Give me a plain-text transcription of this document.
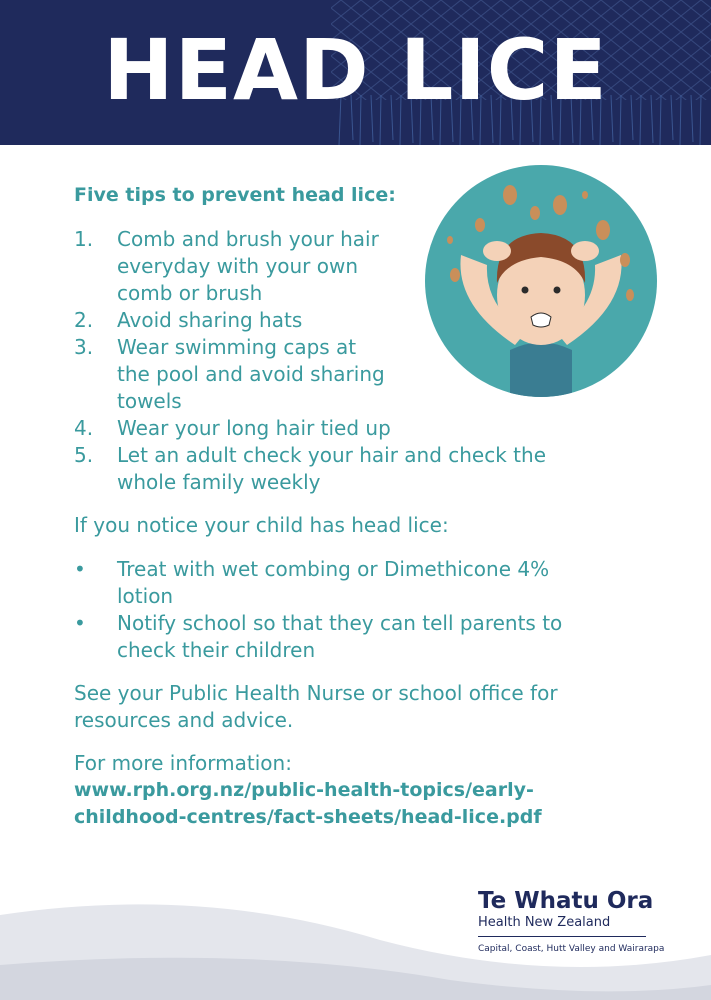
HEAD LICE
Five tips to prevent head lice:
1.	Comb and brush your hair
everyday with your own
comb or brush
2.	Avoid sharing hats
3.	Wear swimming caps at
the pool and avoid sharing
towels
4.	Wear your long hair tied up
5.	Let an adult check your hair and check the
whole family weekly
If you notice your child has head lice:
•	Treat with wet combing or Dimethicone 4%
lotion
•	Notify school so that they can tell parents to
check their children
See your Public Health Nurse or school office for
resources and advice.
For more information:
www.rph.org.nz/public-health-topics/early-
childhood-centres/fact-sheets/head-lice.pdf
Te Whatu Ora
Health New Zealand
Capital, Coast, Hutt Valley and Wairarapa
